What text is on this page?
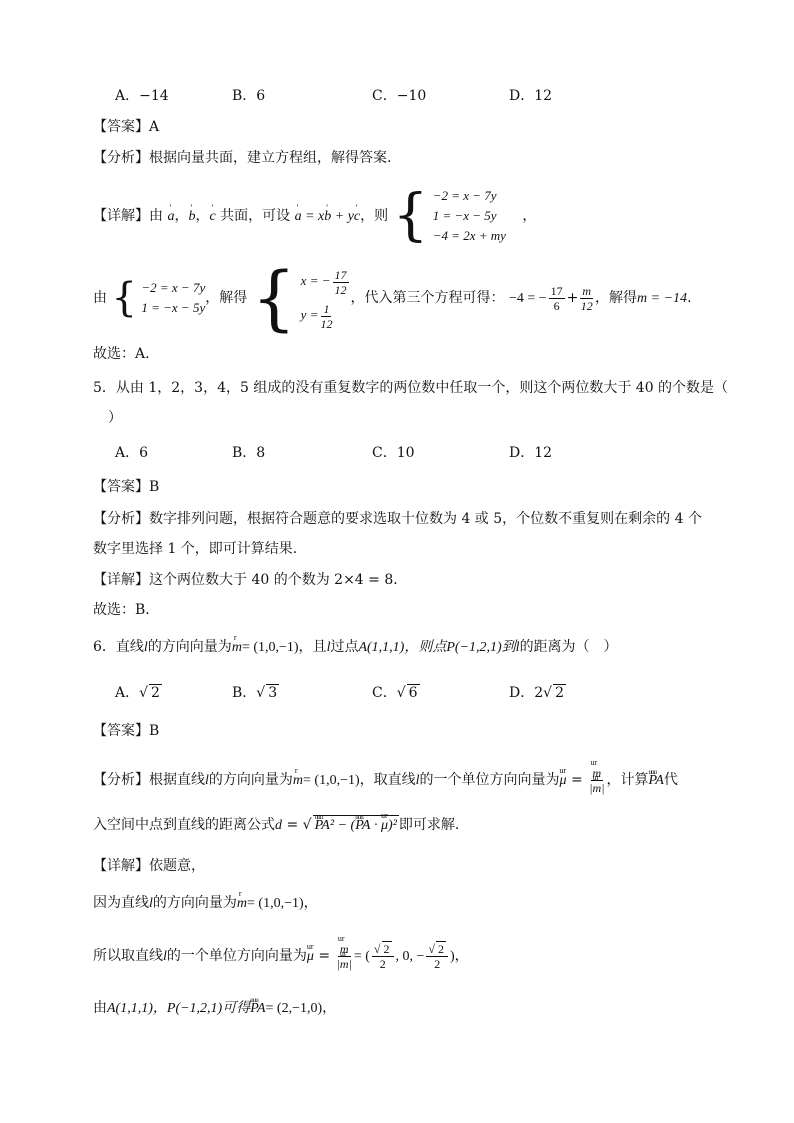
A．−14	B．6	C．−10	D．12
【答案】A
【分析】根据向量共面，建立方程组，解得答案.
【详解】由 ' a，' b，' c 共面，可设 ' a = x' b + y' c，则 { −2 = x − 7y
1 = −x − 5y
−4 = 2x + my
，
由 { −2 = x − 7y
1 = −x − 5y
，解得 { x = − $\frac{17}{12}$
$y = \frac{1}{12}$
，代入第三个方程可得： −4 = − $\frac{17}{6} + \frac{m}{12}$ ，解得m = −14.
故选：A.
5．从由 1，2，3，4，5 组成的没有重复数字的两位数中任取一个，则这个两位数大于 40 的个数是（
）
A．6	B．8	C．10	D．12
【答案】B
【分析】数字排列问题，根据符合题意的要求选取十位数为 4 或 5，个位数不重复则在剩余的 4 个
数字里选择 1 个，即可计算结果.
【详解】这个两位数大于 40 的个数为 2×4 = 8．
故选：B．
6．直线l的方向向量为r m= (1,0,−1)，且l过点A(1,1,1)，则点P(−1,2,1)到l的距离为（　）
A．√ 2	B．√ 3	C．√ 6	D．2√ 2
【答案】B
【分析】根据直线l的方向向量为r m= (1,0,−1)，取直线l的一个单位方向向量为ur μ = ur $\frac{m}{\text{|ur m|}}$ ，计算uuu PA代
入空间中点到直线的距离公式d = √ uuu PA² − (uuu PA · ur μ)² 即可求解.
【详解】依题意，
因为直线l的方向向量为r m= (1,0,−1)，
所以取直线l的一个单位方向向量为ur μ = ur $\frac{m}{\text{|ur m|}}$ = ( $\frac{√ 2}{2}$ , 0, − $\frac{√ 2}{2}$ )，
由A(1,1,1)，P(−1,2,1)可得uuu PA= (2,−1,0)，
